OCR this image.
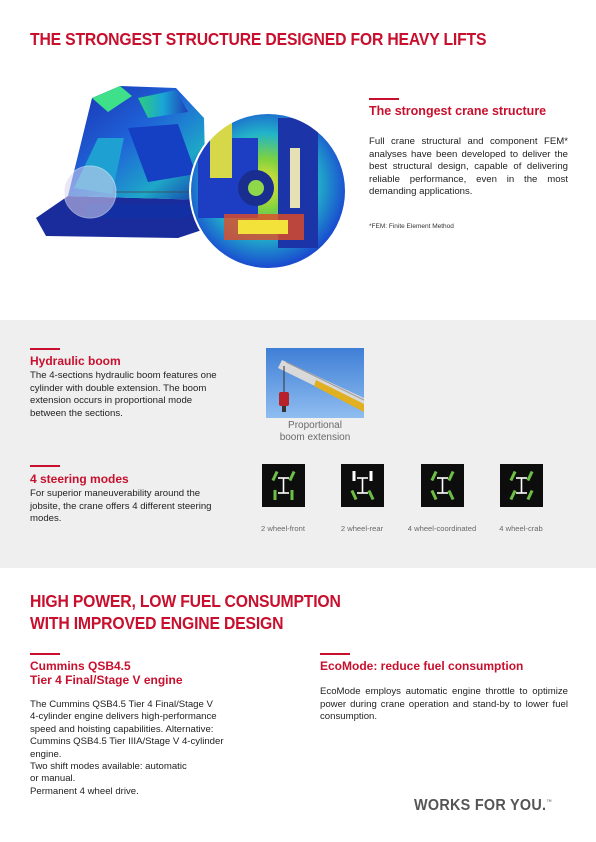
THE STRONGEST STRUCTURE DESIGNED FOR HEAVY LIFTS
The strongest crane structure
Full crane structural and component FEM* analyses have been developed to deliver the best structural design, capable of delivering reliable performance, even in the most demanding applications.
*FEM: Finite Element Method
Hydraulic boom
The 4-sections hydraulic boom features one cylinder with double extension. The boom extension occurs in proportional mode between the sections.
Proportional
boom extension
4 steering modes
For superior maneuverability around the jobsite, the crane offers 4 different steering modes.
2 wheel-front	2 wheel-rear	4 wheel-coordinated	4 wheel-crab
HIGH POWER, LOW FUEL CONSUMPTION
WITH IMPROVED ENGINE DESIGN
Cummins QSB4.5
Tier 4 Final/Stage V engine
The Cummins QSB4.5 Tier 4 Final/Stage V
4-cylinder engine delivers high-performance
speed and hoisting capabilities. Alternative:
Cummins QSB4.5 Tier IIIA/Stage V 4-cylinder
engine.
Two shift modes available: automatic
or manual.
Permanent 4 wheel drive.
EcoMode: reduce fuel consumption
EcoMode employs automatic engine throttle to optimize power during crane operation and stand-by to lower fuel consumption.
WORKS FOR YOU.™
